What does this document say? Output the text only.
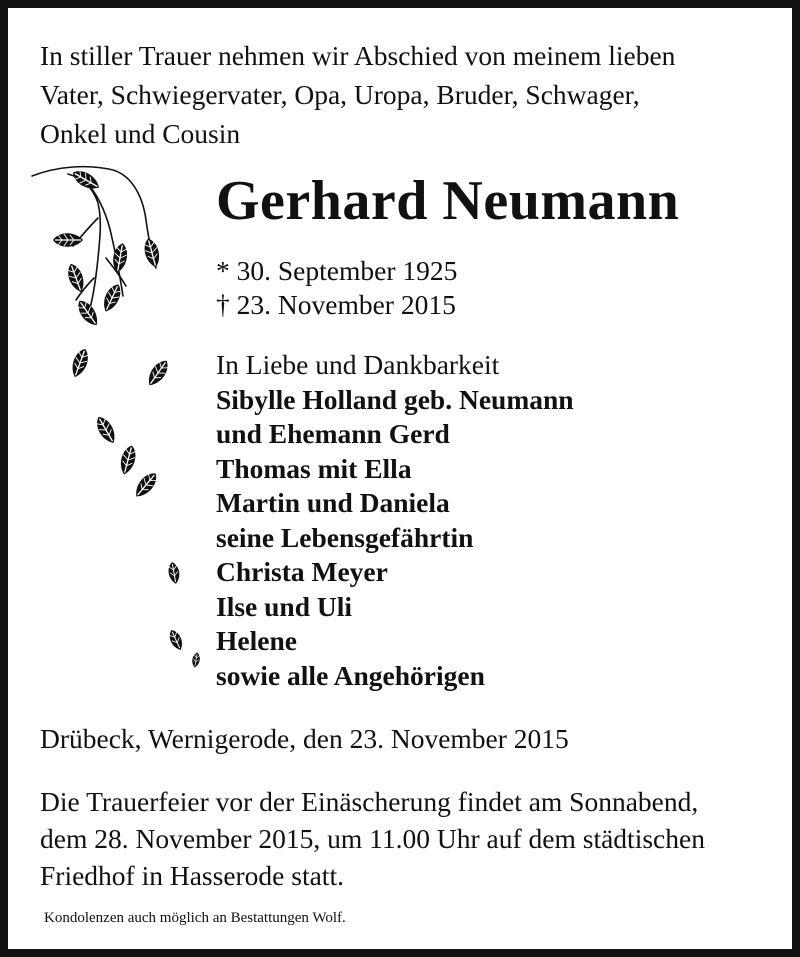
In stiller Trauer nehmen wir Abschied von meinem lieben
Vater, Schwiegervater, Opa, Uropa, Bruder, Schwager,
Onkel und Cousin
Gerhard Neumann
* 30. September 1925
† 23. November 2015
In Liebe und Dankbarkeit
Sibylle Holland geb. Neumann
und Ehemann Gerd
Thomas mit Ella
Martin und Daniela
seine Lebensgefährtin
Christa Meyer
Ilse und Uli
Helene
sowie alle Angehörigen
Drübeck, Wernigerode, den 23. November 2015
Die Trauerfeier vor der Einäscherung findet am Sonnabend,
dem 28. November 2015, um 11.00 Uhr auf dem städtischen
Friedhof in Hasserode statt.
Kondolenzen auch möglich an Bestattungen Wolf.
